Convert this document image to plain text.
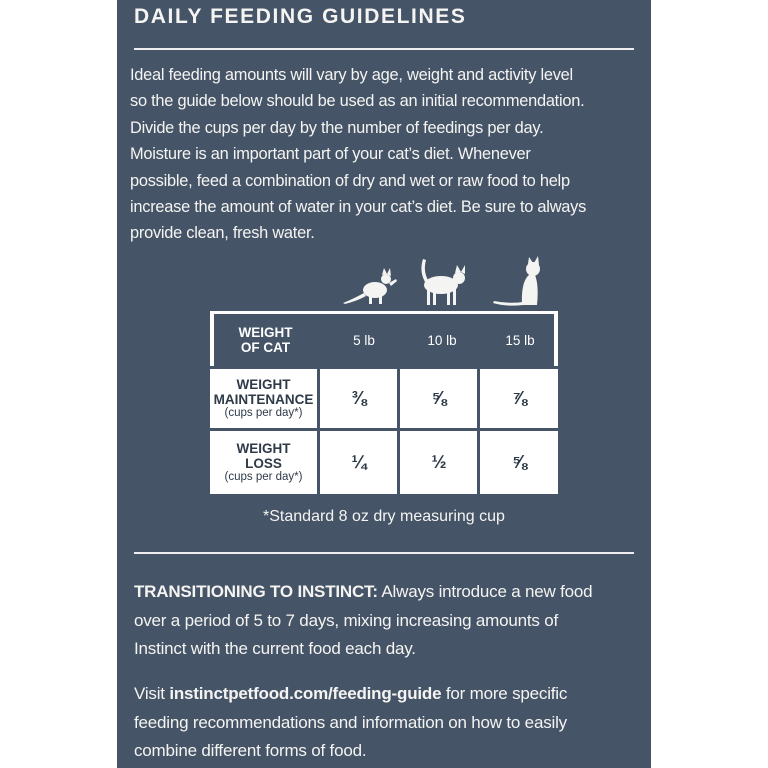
DAILY FEEDING GUIDELINES
Ideal feeding amounts will vary by age, weight and activity level
so the guide below should be used as an initial recommendation.
Divide the cups per day by the number of feedings per day.
Moisture is an important part of your cat’s diet. Whenever
possible, feed a combination of dry and wet or raw food to help
increase the amount of water in your cat’s diet. Be sure to always
provide clean, fresh water.
WEIGHT
OF CAT	5 lb	10 lb	15 lb
WEIGHT
MAINTENANCE
(cups per day*)
⅜	⅝	⅞
WEIGHT
LOSS
(cups per day*)
¼	½	⅝
*Standard 8 oz dry measuring cup
TRANSITIONING TO INSTINCT: Always introduce a new food
over a period of 5 to 7 days, mixing increasing amounts of
Instinct with the current food each day.
Visit instinctpetfood.com/feeding-guide for more specific
feeding recommendations and information on how to easily
combine different forms of food.
